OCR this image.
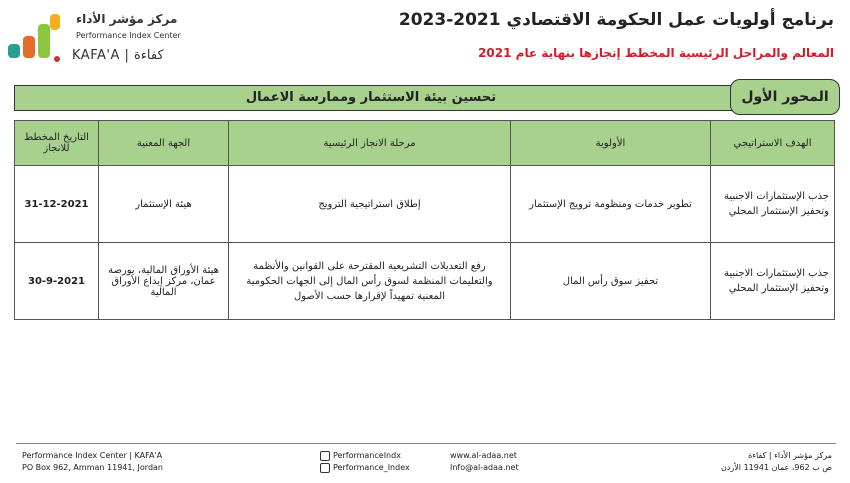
برنامج أولويات عمل الحكومة الاقتصادي 2021-2023
المعالم والمراحل الرئيسية المخطط إنجازها بنهاية عام 2021
مركز مؤشر الأداء
Performance Index Center
KAFA'A | كفاءة
تحسين بيئة الاستثمار وممارسة الاعمال	المحور الأول
الهدف الاستراتيجي	الأولوية	مرحلة الانجاز الرئيسية	الجهة المعنية	التاريخ المخطط للانجاز
جذب الإستثمارات الاجنبية وتحفيز الإستثمار المحلي	تطوير خدمات ومنظومة ترويج الإستثمار	إطلاق استراتيجية الترويج	هيئة الإستثمار	31-12-2021
جذب الإستثمارات الاجنبية وتحفيز الإستثمار المحلي	تحفيز سوق رأس المال	رفع التعديلات التشريعية المقترحة على القوانين والأنظمة والتعليمات المنظمة لسوق رأس المال إلى الجهات الحكومية المعنية تمهيداً لإقرارها حسب الأصول	هيئة الأوراق المالية، بورصة عمان، مركز إيداع الأوراق المالية	30-9-2021
Performance Index Center | KAFA'A
PO Box 962, Amman 11941, Jordan
PerformanceIndx
Performance_Index
www.al-adaa.net
Info@al-adaa.net
مركز مؤشر الأداء | كفاءة
ص ب 962، عمان 11941 الأردن
